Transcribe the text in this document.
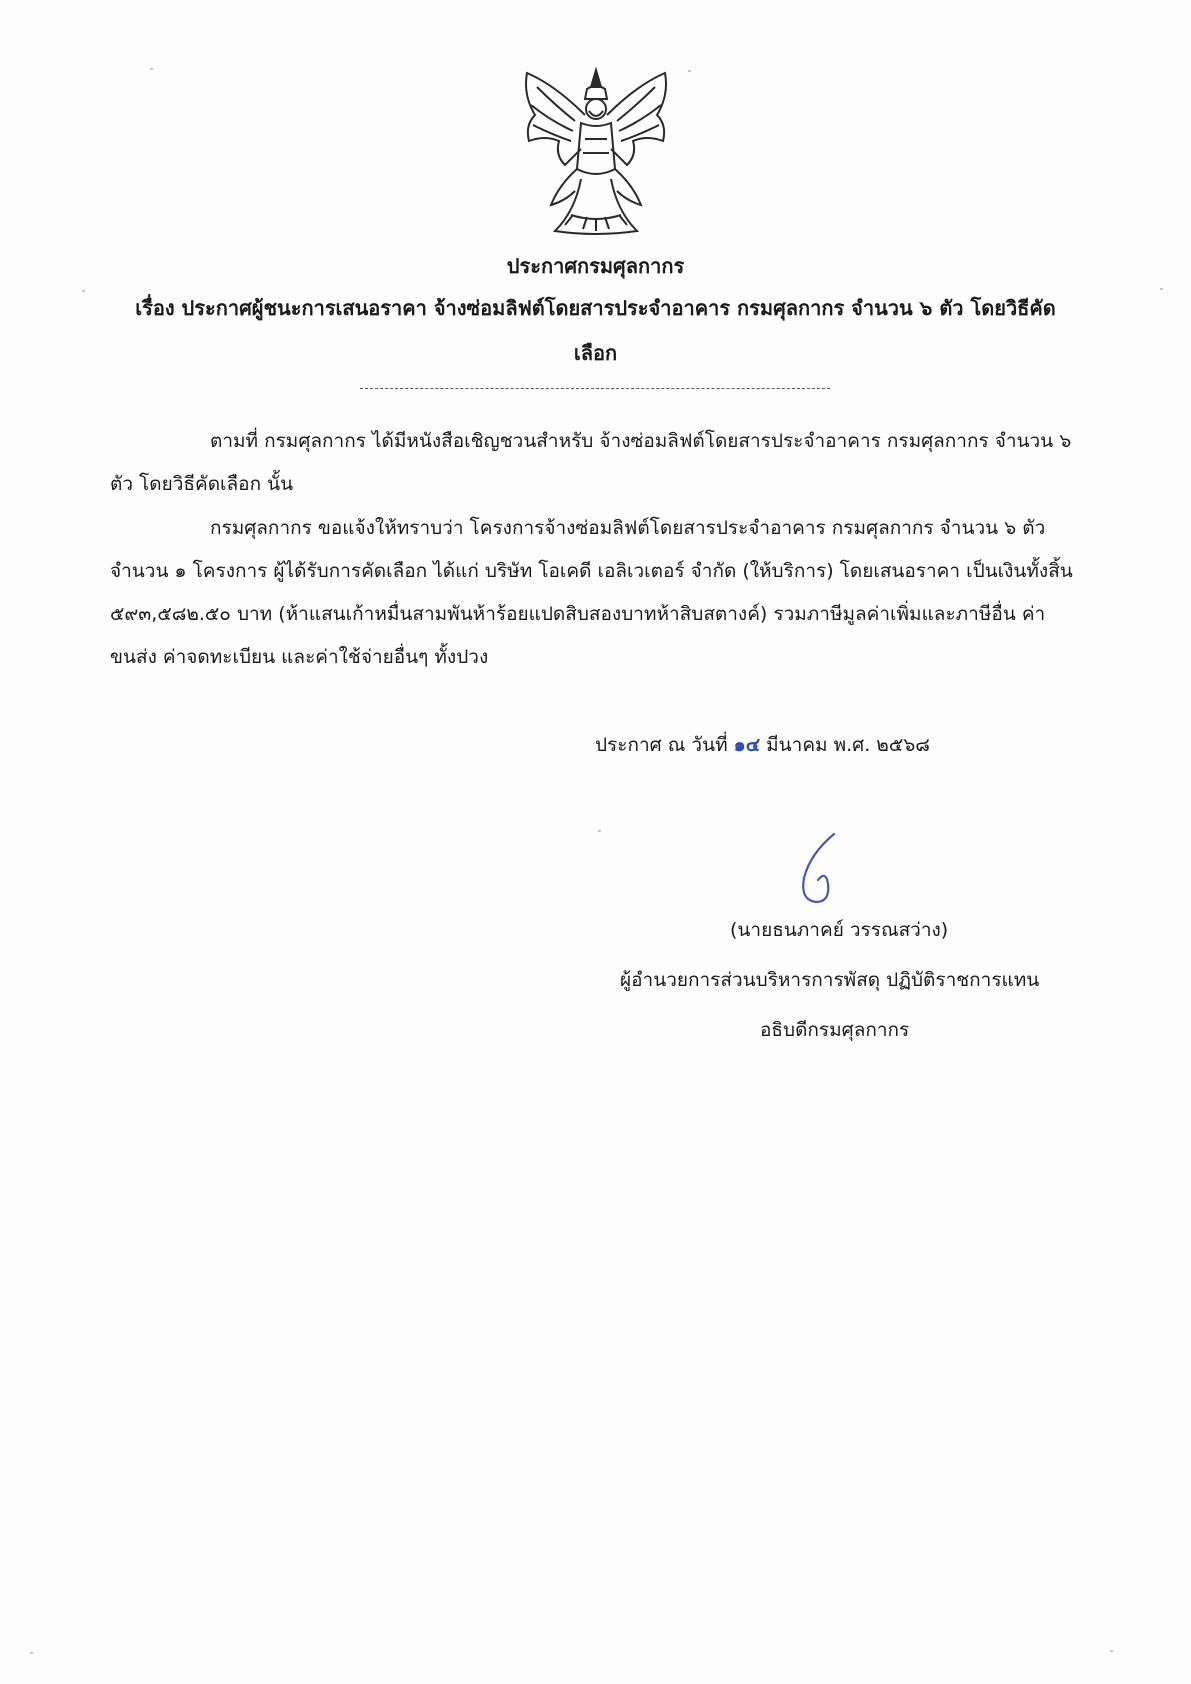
ประกาศกรมศุลกากร
เรื่อง ประกาศผู้ชนะการเสนอราคา จ้างซ่อมลิฟต์โดยสารประจำอาคาร กรมศุลกากร จำนวน ๖ ตัว โดยวิธีคัด
เลือก
ตามที่ กรมศุลกากร ได้มีหนังสือเชิญชวนสำหรับ จ้างซ่อมลิฟต์โดยสารประจำอาคาร กรมศุลกากร จำนวน ๖ ตัว โดยวิธีคัดเลือก นั้น
กรมศุลกากร ขอแจ้งให้ทราบว่า โครงการจ้างซ่อมลิฟต์โดยสารประจำอาคาร กรมศุลกากร จำนวน ๖ ตัว จำนวน ๑ โครงการ ผู้ได้รับการคัดเลือก ได้แก่ บริษัท โอเคดี เอลิเวเตอร์ จำกัด (ให้บริการ) โดยเสนอราคา เป็นเงินทั้งสิ้น ๕๙๓,๕๘๒.๕๐ บาท (ห้าแสนเก้าหมื่นสามพันห้าร้อยแปดสิบสองบาทห้าสิบสตางค์) รวมภาษีมูลค่าเพิ่มและภาษีอื่น ค่าขนส่ง ค่าจดทะเบียน และค่าใช้จ่ายอื่นๆ ทั้งปวง
ประกาศ ณ วันที่ ๑๔ มีนาคม พ.ศ. ๒๕๖๘
(นายธนภาคย์ วรรณสว่าง)
ผู้อำนวยการส่วนบริหารการพัสดุ ปฏิบัติราชการแทน
อธิบดีกรมศุลกากร
